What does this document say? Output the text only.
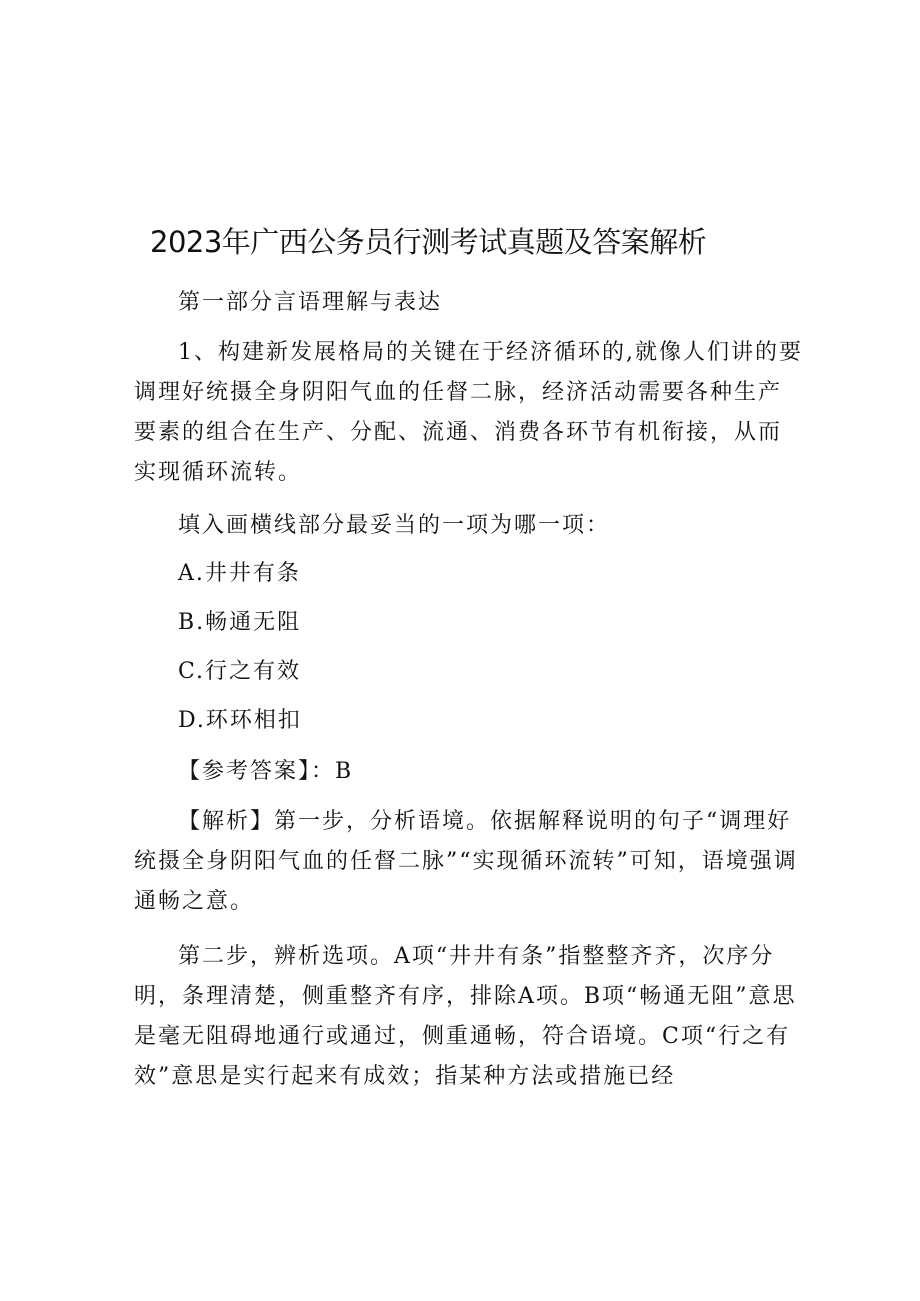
2023年广西公务员行测考试真题及答案解析

第一部分言语理解与表达

1、构建新发展格局的关键在于经济循环的,就像人们讲的要调理好统摄全身阴阳气血的任督二脉，经济活动需要各种生产要素的组合在生产、分配、流通、消费各环节有机衔接，从而实现循环流转。

填入画横线部分最妥当的一项为哪一项：

A.井井有条

B.畅通无阻

C.行之有效

D.环环相扣

【参考答案】：B

【解析】第一步，分析语境。依据解释说明的句子“调理好统摄全身阴阳气血的任督二脉”“实现循环流转”可知，语境强调通畅之意。

第二步，辨析选项。A项“井井有条”指整整齐齐，次序分明，条理清楚，侧重整齐有序，排除A项。B项“畅通无阻”意思是毫无阻碍地通行或通过，侧重通畅，符合语境。C项“行之有效”意思是实行起来有成效；指某种方法或措施已经
